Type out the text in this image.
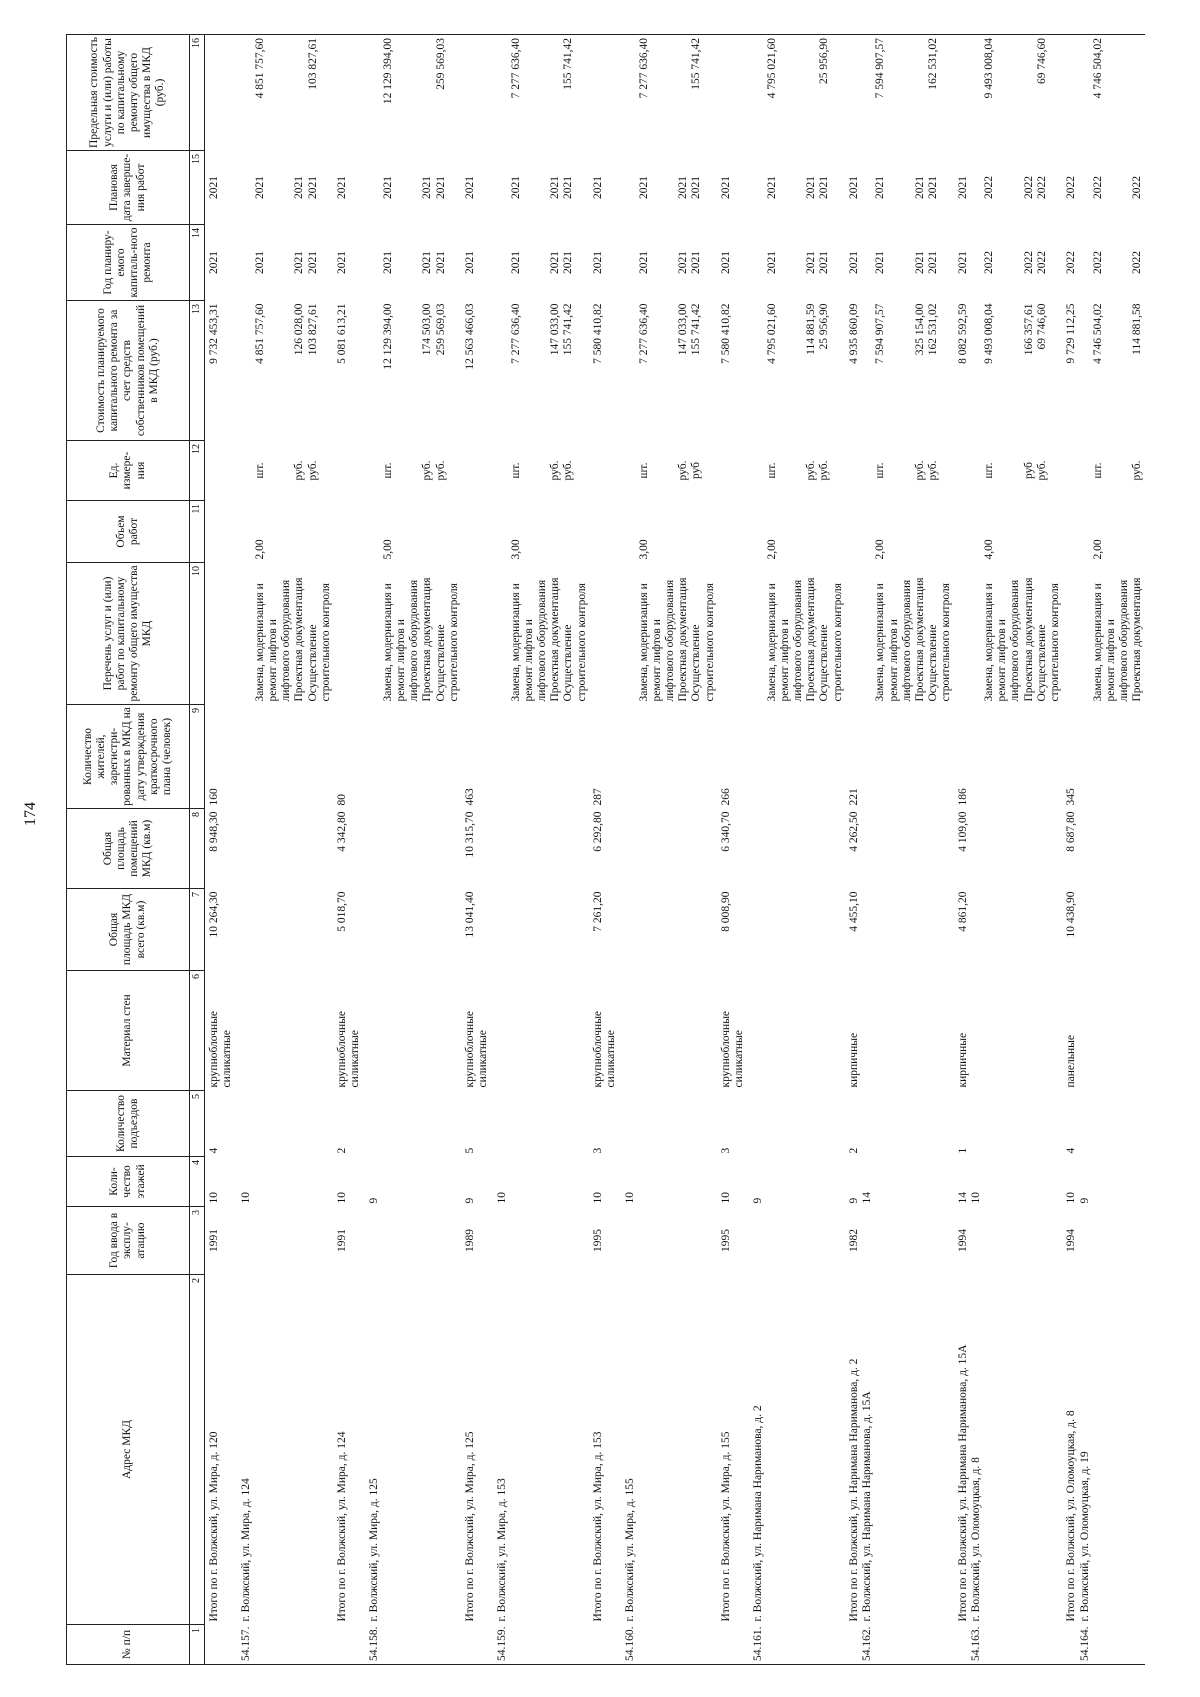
174
№ п/п	Адрес МКД	Год ввода в эксплу-атацию	Коли-чество этажей	Количество подъездов	Материал стен	Общая площадь МКД всего (кв.м)	Общая площадь помещений МКД (кв.м)	Количество жителей, зарегистри-рованных в МКД на дату утверждения краткосрочного плана (человек)	Перечень услуг и (или) работ по капитальному ремонту общего имущества МКД	Объем работ	Ед. измере-ния	Стоимость планируемого капитального ремонта за счет средств собственников помещений в МКД (руб.)	Год планиру-емого капиталь-ного ремонта	Плановая дата заверше-ния работ	Предельная стоимость услуги и (или) работы по капитальному ремонту общего имущества в МКД (руб.)
1	2	3	4	5	6	7	8	9	10	11	12	13	14	15	16
	Итого по г. Волжский, ул. Мира, д. 120	1991	10	4	крупноблочные силикатные	10 264,30	8 948,30	160				9 732 453,31	2021	2021	
54.157.	г. Волжский, ул. Мира, д. 124		10												
									Замена, модернизация и ремонт лифтов и лифтового оборудования	2,00	шт.	4 851 757,60	2021	2021	4 851 757,60
									Проектная документация		руб.	126 028,00	2021	2021	
									Осуществление строительного контроля		руб.	103 827,61	2021	2021	103 827,61
	Итого по г. Волжский, ул. Мира, д. 124	1991	10	2	крупноблочные силикатные	5 018,70	4 342,80	80				5 081 613,21	2021	2021	
54.158.	г. Волжский, ул. Мира, д. 125		9												
									Замена, модернизация и ремонт лифтов и лифтового оборудования	5,00	шт.	12 129 394,00	2021	2021	12 129 394,00
									Проектная документация		руб.	174 503,00	2021	2021	
									Осуществление строительного контроля		руб.	259 569,03	2021	2021	259 569,03
	Итого по г. Волжский, ул. Мира, д. 125	1989	9	5	крупноблочные силикатные	13 041,40	10 315,70	463				12 563 466,03	2021	2021	
54.159.	г. Волжский, ул. Мира, д. 153		10												
									Замена, модернизация и ремонт лифтов и лифтового оборудования	3,00	шт.	7 277 636,40	2021	2021	7 277 636,40
									Проектная документация		руб.	147 033,00	2021	2021	
									Осуществление строительного контроля		руб.	155 741,42	2021	2021	155 741,42
	Итого по г. Волжский, ул. Мира, д. 153	1995	10	3	крупноблочные силикатные	7 261,20	6 292,80	287				7 580 410,82	2021	2021	
54.160.	г. Волжский, ул. Мира, д. 155		10												
									Замена, модернизация и ремонт лифтов и лифтового оборудования	3,00	шт.	7 277 636,40	2021	2021	7 277 636,40
									Проектная документация		руб.	147 033,00	2021	2021	
									Осуществление строительного контроля		руб	155 741,42	2021	2021	155 741,42
	Итого по г. Волжский, ул. Мира, д. 155	1995	10	3	крупноблочные силикатные	8 008,90	6 340,70	266				7 580 410,82	2021	2021	
54.161.	г. Волжский, ул. Наримана Нариманова, д. 2		9												
									Замена, модернизация и ремонт лифтов и лифтового оборудования	2,00	шт.	4 795 021,60	2021	2021	4 795 021,60
									Проектная документация		руб.	114 881,59	2021	2021	
									Осуществление строительного контроля		руб.	25 956,90	2021	2021	25 956,90
	Итого по г. Волжский, ул. Наримана Нариманова, д. 2	1982	9	2	кирпичные	4 455,10	4 262,50	221				4 935 860,09	2021	2021	
54.162.	г. Волжский, ул. Наримана Нариманова, д. 15А		14												
									Замена, модернизация и ремонт лифтов и лифтового оборудования	2,00	шт.	7 594 907,57	2021	2021	7 594 907,57
									Проектная документация		руб.	325 154,00	2021	2021	
									Осуществление строительного контроля		руб.	162 531,02	2021	2021	162 531,02
	Итого по г. Волжский, ул. Наримана Нариманова, д. 15А	1994	14	1	кирпичные	4 861,20	4 109,00	186				8 082 592,59	2021	2021	
54.163.	г. Волжский, ул. Оломоуцкая, д. 8		10												
									Замена, модернизация и ремонт лифтов и лифтового оборудования	4,00	шт.	9 493 008,04	2022	2022	9 493 008,04
									Проектная документация		руб	166 357,61	2022	2022	
									Осуществление строительного контроля		руб.	69 746,60	2022	2022	69 746,60
	Итого по г. Волжский, ул. Оломоуцкая, д. 8	1994	10	4	панельные	10 438,90	8 687,80	345				9 729 112,25	2022	2022	
54.164.	г. Волжский, ул. Оломоуцкая, д. 19		9												
									Замена, модернизация и ремонт лифтов и лифтового оборудования	2,00	шт.	4 746 504,02	2022	2022	4 746 504,02
									Проектная документация		руб.	114 881,58	2022	2022	
